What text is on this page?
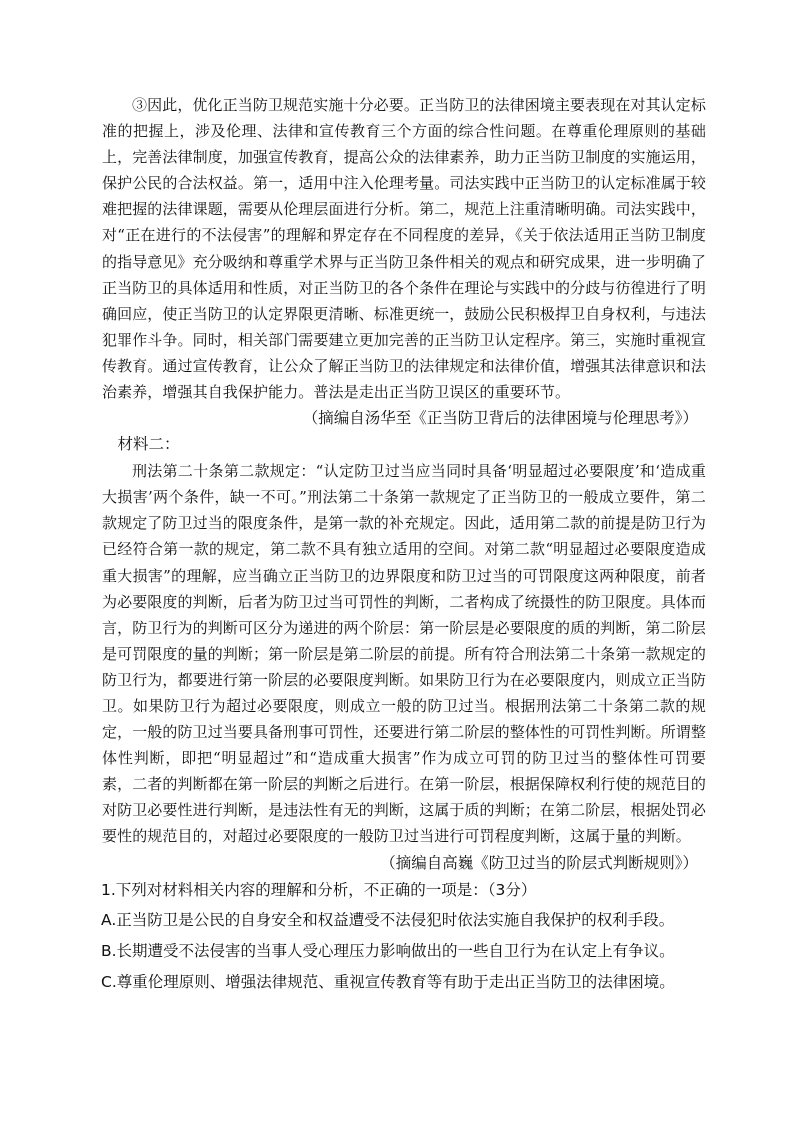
③因此，优化正当防卫规范实施十分必要。正当防卫的法律困境主要表现在对其认定标准的把握上，涉及伦理、法律和宣传教育三个方面的综合性问题。在尊重伦理原则的基础上，完善法律制度，加强宣传教育，提高公众的法律素养，助力正当防卫制度的实施运用，保护公民的合法权益。第一，适用中注入伦理考量。司法实践中正当防卫的认定标准属于较难把握的法律课题，需要从伦理层面进行分析。第二，规范上注重清晰明确。司法实践中，对“正在进行的不法侵害”的理解和界定存在不同程度的差异，《关于依法适用正当防卫制度的指导意见》充分吸纳和尊重学术界与正当防卫条件相关的观点和研究成果，进一步明确了正当防卫的具体适用和性质，对正当防卫的各个条件在理论与实践中的分歧与彷徨进行了明确回应，使正当防卫的认定界限更清晰、标准更统一，鼓励公民积极捍卫自身权利，与违法犯罪作斗争。同时，相关部门需要建立更加完善的正当防卫认定程序。第三，实施时重视宣传教育。通过宣传教育，让公众了解正当防卫的法律规定和法律价值，增强其法律意识和法治素养，增强其自我保护能力。普法是走出正当防卫误区的重要环节。

（摘编自汤华至《正当防卫背后的法律困境与伦理思考》）

材料二：

刑法第二十条第二款规定：“认定防卫过当应当同时具备‘明显超过必要限度’和‘造成重大损害’两个条件，缺一不可。”刑法第二十条第一款规定了正当防卫的一般成立要件，第二款规定了防卫过当的限度条件，是第一款的补充规定。因此，适用第二款的前提是防卫行为已经符合第一款的规定，第二款不具有独立适用的空间。对第二款“明显超过必要限度造成重大损害”的理解，应当确立正当防卫的边界限度和防卫过当的可罚限度这两种限度，前者为必要限度的判断，后者为防卫过当可罚性的判断，二者构成了统摄性的防卫限度。具体而言，防卫行为的判断可区分为递进的两个阶层：第一阶层是必要限度的质的判断，第二阶层是可罚限度的量的判断；第一阶层是第二阶层的前提。所有符合刑法第二十条第一款规定的防卫行为，都要进行第一阶层的必要限度判断。如果防卫行为在必要限度内，则成立正当防卫。如果防卫行为超过必要限度，则成立一般的防卫过当。根据刑法第二十条第二款的规定，一般的防卫过当要具备刑事可罚性，还要进行第二阶层的整体性的可罚性判断。所谓整体性判断，即把“明显超过”和“造成重大损害”作为成立可罚的防卫过当的整体性可罚要素，二者的判断都在第一阶层的判断之后进行。在第一阶层，根据保障权利行使的规范目的对防卫必要性进行判断，是违法性有无的判断，这属于质的判断；在第二阶层，根据处罚必要性的规范目的，对超过必要限度的一般防卫过当进行可罚程度判断，这属于量的判断。

（摘编自高巍《防卫过当的阶层式判断规则》）

1.下列对材料相关内容的理解和分析，不正确的一项是：（3分）

A.正当防卫是公民的自身安全和权益遭受不法侵犯时依法实施自我保护的权利手段。

B.长期遭受不法侵害的当事人受心理压力影响做出的一些自卫行为在认定上有争议。

C.尊重伦理原则、增强法律规范、重视宣传教育等有助于走出正当防卫的法律困境。
